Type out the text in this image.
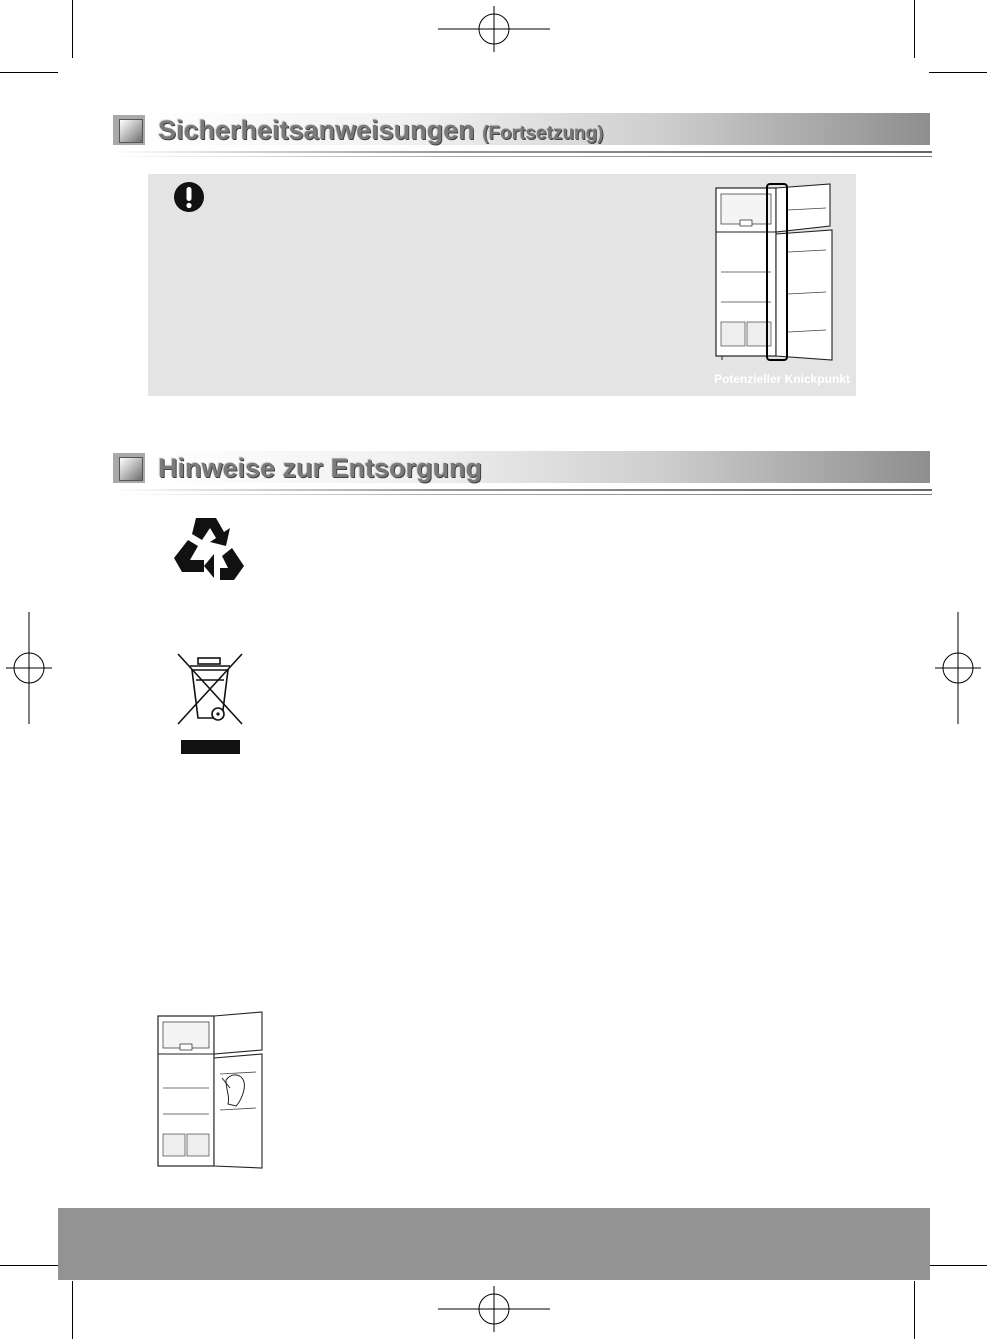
Sicherheitsanweisungen (Fortsetzung)
Potenzieller Knickpunkt
Hinweise zur Entsorgung
